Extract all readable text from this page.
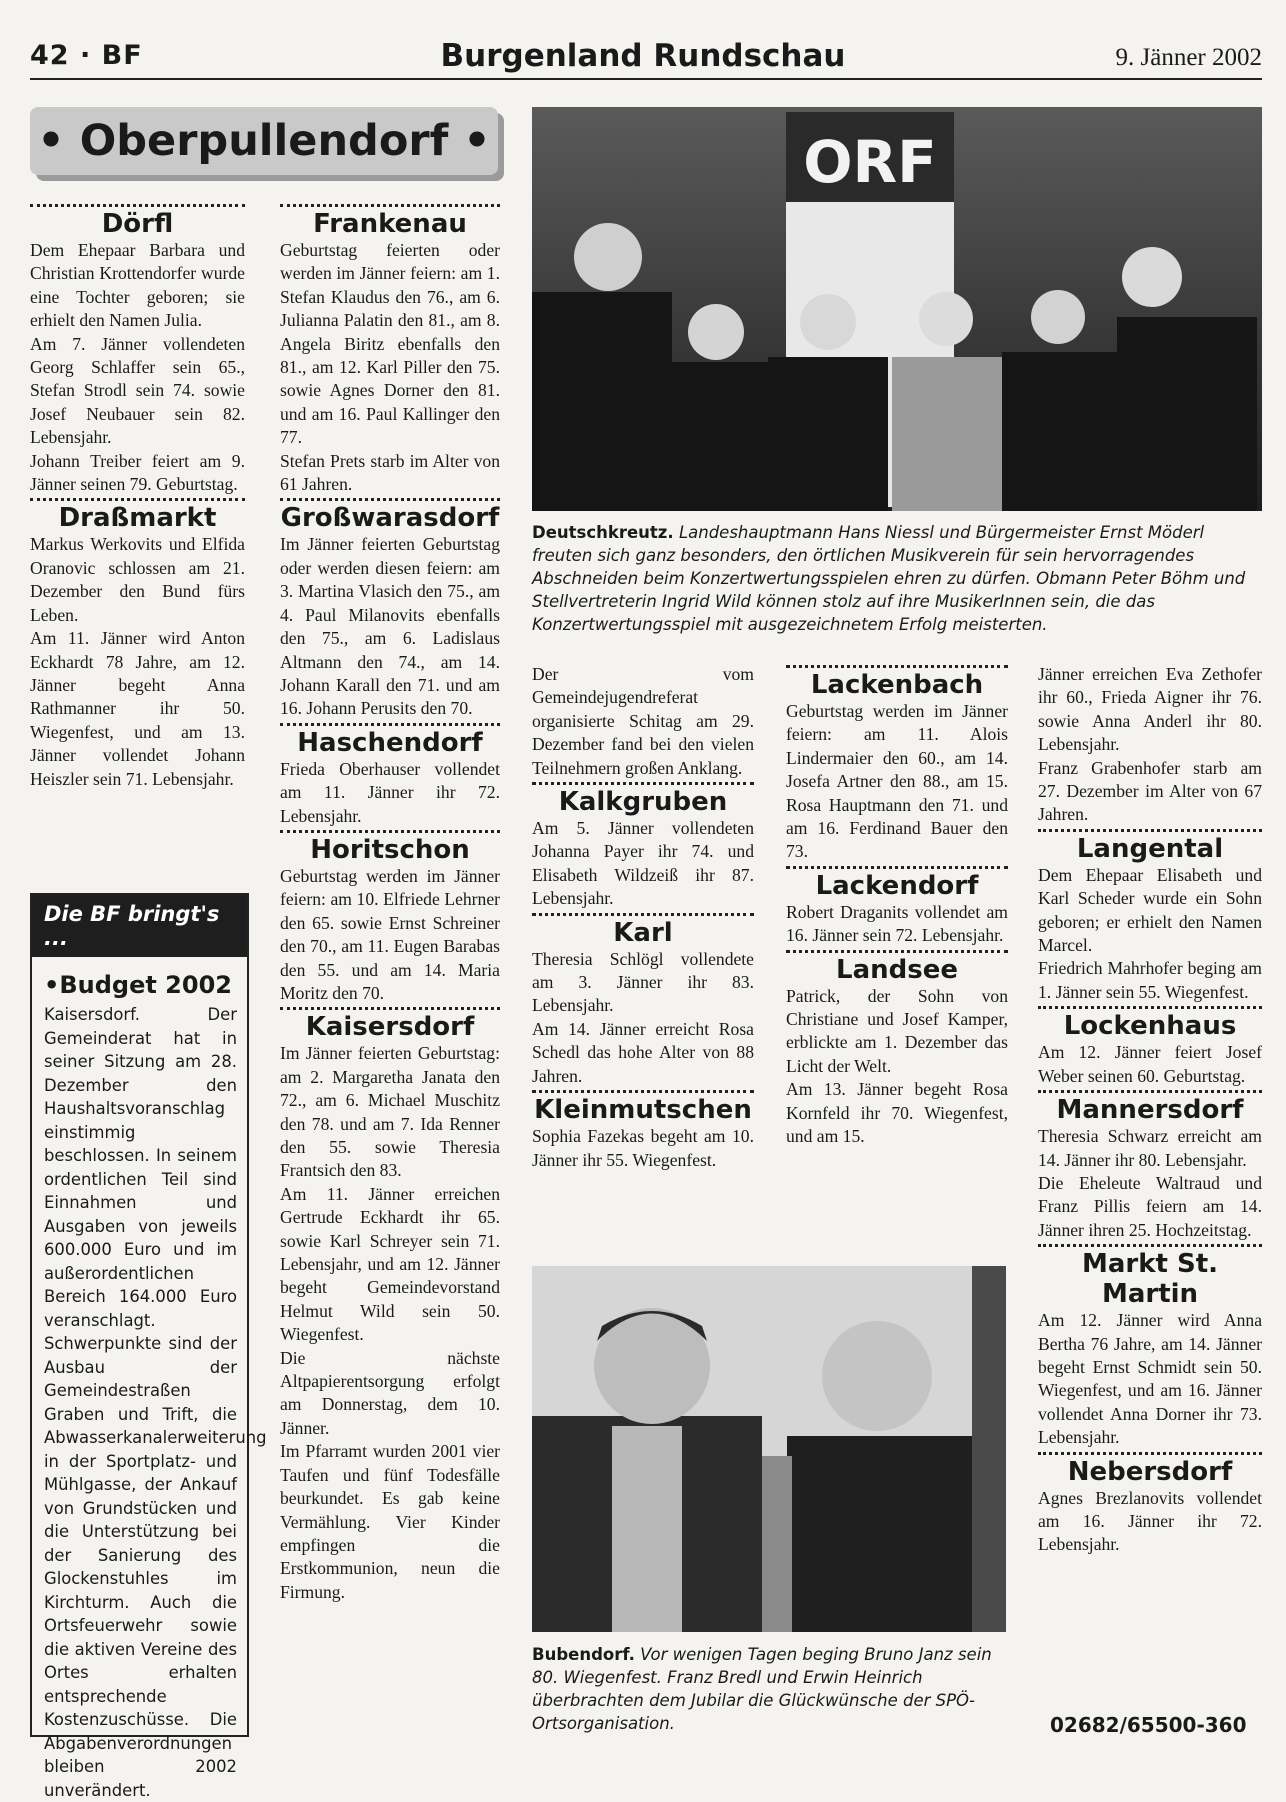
42 · BF	Burgenland Rundschau	9. Jänner 2002
• Oberpullendorf •
Dörfl

Dem Ehepaar Barbara und Christian Krottendorfer wurde eine Tochter geboren; sie erhielt den Namen Julia.

Am 7. Jänner vollendeten Georg Schlaffer sein 65., Stefan Strodl sein 74. sowie Josef Neubauer sein 82. Lebensjahr.

Johann Treiber feiert am 9. Jänner seinen 79. Geburtstag.

Draßmarkt

Markus Werkovits und Elfida Oranovic schlossen am 21. Dezember den Bund fürs Leben.

Am 11. Jänner wird Anton Eckhardt 78 Jahre, am 12. Jänner begeht Anna Rathmanner ihr 50. Wiegenfest, und am 13. Jänner vollendet Johann Heiszler sein 71. Lebensjahr.

Die BF bringt's ...
•Budget 2002
Kaisersdorf. Der Gemeinderat hat in seiner Sitzung am 28. Dezember den Haushaltsvoranschlag einstimmig beschlossen. In seinem ordentlichen Teil sind Einnahmen und Ausgaben von jeweils 600.000 Euro und im außerordentlichen Bereich 164.000 Euro veranschlagt. Schwerpunkte sind der Ausbau der Gemeindestraßen Graben und Trift, die Abwasserkanalerweiterung in der Sportplatz- und Mühlgasse, der Ankauf von Grundstücken und die Unterstützung bei der Sanierung des Glockenstuhles im Kirchturm. Auch die Ortsfeuerwehr sowie die aktiven Vereine des Ortes erhalten entsprechende Kostenzuschüsse. Die Abgabenverordnungen bleiben 2002 unverändert.
Frankenau

Geburtstag feierten oder werden im Jänner feiern: am 1. Stefan Klaudus den 76., am 6. Julianna Palatin den 81., am 8. Angela Biritz ebenfalls den 81., am 12. Karl Piller den 75. sowie Agnes Dorner den 81. und am 16. Paul Kallinger den 77.

Stefan Prets starb im Alter von 61 Jahren.

Großwarasdorf

Im Jänner feierten Geburtstag oder werden diesen feiern: am 3. Martina Vlasich den 75., am 4. Paul Milanovits ebenfalls den 75., am 6. Ladislaus Altmann den 74., am 14. Johann Karall den 71. und am 16. Johann Perusits den 70.

Haschendorf

Frieda Oberhauser vollendet am 11. Jänner ihr 72. Lebensjahr.

Horitschon

Geburtstag werden im Jänner feiern: am 10. Elfriede Lehrner den 65. sowie Ernst Schreiner den 70., am 11. Eugen Barabas den 55. und am 14. Maria Moritz den 70.

Kaisersdorf

Im Jänner feierten Geburtstag: am 2. Margaretha Janata den 72., am 6. Michael Muschitz den 78. und am 7. Ida Renner den 55. sowie Theresia Frantsich den 83.

Am 11. Jänner erreichen Gertrude Eckhardt ihr 65. sowie Karl Schreyer sein 71. Lebensjahr, und am 12. Jänner begeht Gemeindevorstand Helmut Wild sein 50. Wiegenfest.

Die nächste Altpapierentsorgung erfolgt am Donnerstag, dem 10. Jänner.

Im Pfarramt wurden 2001 vier Taufen und fünf Todesfälle beurkundet. Es gab keine Vermählung. Vier Kinder empfingen die Erstkommunion, neun die Firmung.

ORF
Deutschkreutz. Landeshauptmann Hans Niessl und Bürgermeister Ernst Möderl freuten sich ganz besonders, den örtlichen Musikverein für sein hervorragendes Abschneiden beim Konzertwertungsspielen ehren zu dürfen. Obmann Peter Böhm und Stellvertreterin Ingrid Wild können stolz auf ihre MusikerInnen sein, die das Konzertwertungsspiel mit ausgezeichnetem Erfolg meisterten.

Der vom Gemeindejugendreferat organisierte Schitag am 29. Dezember fand bei den vielen Teilnehmern großen Anklang.

Kalkgruben

Am 5. Jänner vollendeten Johanna Payer ihr 74. und Elisabeth Wildzeiß ihr 87. Lebensjahr.

Karl

Theresia Schlögl vollendete am 3. Jänner ihr 83. Lebensjahr.

Am 14. Jänner erreicht Rosa Schedl das hohe Alter von 88 Jahren.

Kleinmutschen

Sophia Fazekas begeht am 10. Jänner ihr 55. Wiegenfest.

Lackenbach

Geburtstag werden im Jänner feiern: am 11. Alois Lindermaier den 60., am 14. Josefa Artner den 88., am 15. Rosa Hauptmann den 71. und am 16. Ferdinand Bauer den 73.

Lackendorf

Robert Draganits vollendet am 16. Jänner sein 72. Lebensjahr.

Landsee

Patrick, der Sohn von Christiane und Josef Kamper, erblickte am 1. Dezember das Licht der Welt.

Am 13. Jänner begeht Rosa Kornfeld ihr 70. Wiegenfest, und am 15.

Jänner erreichen Eva Zethofer ihr 60., Frieda Aigner ihr 76. sowie Anna Anderl ihr 80. Lebensjahr.

Franz Grabenhofer starb am 27. Dezember im Alter von 67 Jahren.

Langental

Dem Ehepaar Elisabeth und Karl Scheder wurde ein Sohn geboren; er erhielt den Namen Marcel.

Friedrich Mahrhofer beging am 1. Jänner sein 55. Wiegenfest.

Lockenhaus

Am 12. Jänner feiert Josef Weber seinen 60. Geburtstag.

Mannersdorf

Theresia Schwarz erreicht am 14. Jänner ihr 80. Lebensjahr.

Die Eheleute Waltraud und Franz Pillis feiern am 14. Jänner ihren 25. Hochzeitstag.

Markt St. Martin

Am 12. Jänner wird Anna Bertha 76 Jahre, am 14. Jänner begeht Ernst Schmidt sein 50. Wiegenfest, und am 16. Jänner vollendet Anna Dorner ihr 73. Lebensjahr.

Nebersdorf

Agnes Brezlanovits vollendet am 16. Jänner ihr 72. Lebensjahr.

Bubendorf. Vor wenigen Tagen beging Bruno Janz sein 80. Wiegenfest. Franz Bredl und Erwin Heinrich überbrachten dem Jubilar die Glückwünsche der SPÖ-Ortsorganisation.	02682/65500-360
